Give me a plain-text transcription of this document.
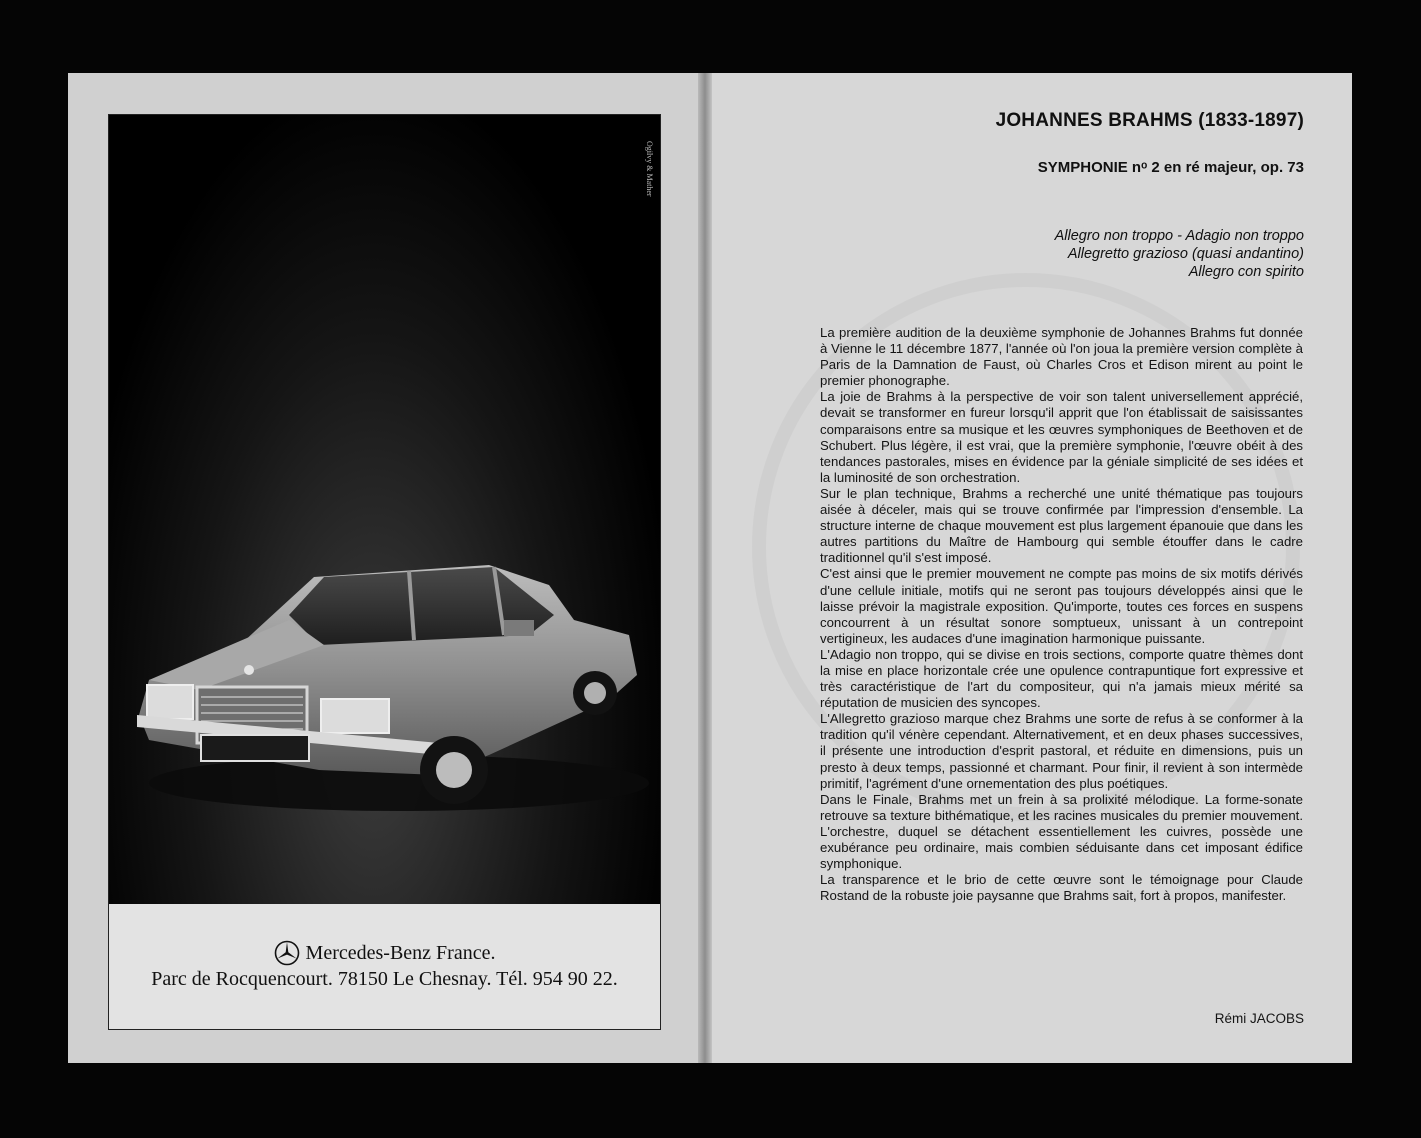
Ogilvy & Mather
Mercedes-Benz France.
Parc de Rocquencourt. 78150 Le Chesnay. Tél. 954 90 22.
JOHANNES BRAHMS (1833-1897)
SYMPHONIE nᵒ 2 en ré majeur, op. 73
Allegro non troppo - Adagio non troppo
Allegretto grazioso (quasi andantino)
Allegro con spirito

La première audition de la deuxième symphonie de Johannes Brahms fut donnée à Vienne le 11 décembre 1877, l'année où l'on joua la première version complète à Paris de la Damnation de Faust, où Charles Cros et Edison mirent au point le premier phonographe.

La joie de Brahms à la perspective de voir son talent universellement apprécié, devait se transformer en fureur lorsqu'il apprit que l'on établissait de saisissantes comparaisons entre sa musique et les œuvres symphoniques de Beethoven et de Schubert. Plus légère, il est vrai, que la première symphonie, l'œuvre obéit à des tendances pastorales, mises en évidence par la géniale simplicité de ses idées et la luminosité de son orchestration.

Sur le plan technique, Brahms a recherché une unité thématique pas toujours aisée à déceler, mais qui se trouve confirmée par l'impression d'ensemble. La structure interne de chaque mouvement est plus largement épanouie que dans les autres partitions du Maître de Hambourg qui semble étouffer dans le cadre traditionnel qu'il s'est imposé.

C'est ainsi que le premier mouvement ne compte pas moins de six motifs dérivés d'une cellule initiale, motifs qui ne seront pas toujours développés ainsi que le laisse prévoir la magistrale exposition. Qu'importe, toutes ces forces en suspens concourrent à un résultat sonore somptueux, unissant à un contrepoint vertigineux, les audaces d'une imagination harmonique puissante.

L'Adagio non troppo, qui se divise en trois sections, comporte quatre thèmes dont la mise en place horizontale crée une opulence contrapuntique fort expressive et très caractéristique de l'art du compositeur, qui n'a jamais mieux mérité sa réputation de musicien des syncopes.

L'Allegretto grazioso marque chez Brahms une sorte de refus à se conformer à la tradition qu'il vénère cependant. Alternativement, et en deux phases successives, il présente une introduction d'esprit pastoral, et réduite en dimensions, puis un presto à deux temps, passionné et charmant. Pour finir, il revient à son intermède primitif, l'agrément d'une ornementation des plus poétiques.

Dans le Finale, Brahms met un frein à sa prolixité mélodique. La forme-sonate retrouve sa texture bithématique, et les racines musicales du premier mouvement. L'orchestre, duquel se détachent essentiellement les cuivres, possède une exubérance peu ordinaire, mais combien séduisante dans cet imposant édifice symphonique.

La transparence et le brio de cette œuvre sont le témoignage pour Claude Rostand de la robuste joie paysanne que Brahms sait, fort à propos, manifester.

Rémi JACOBS
